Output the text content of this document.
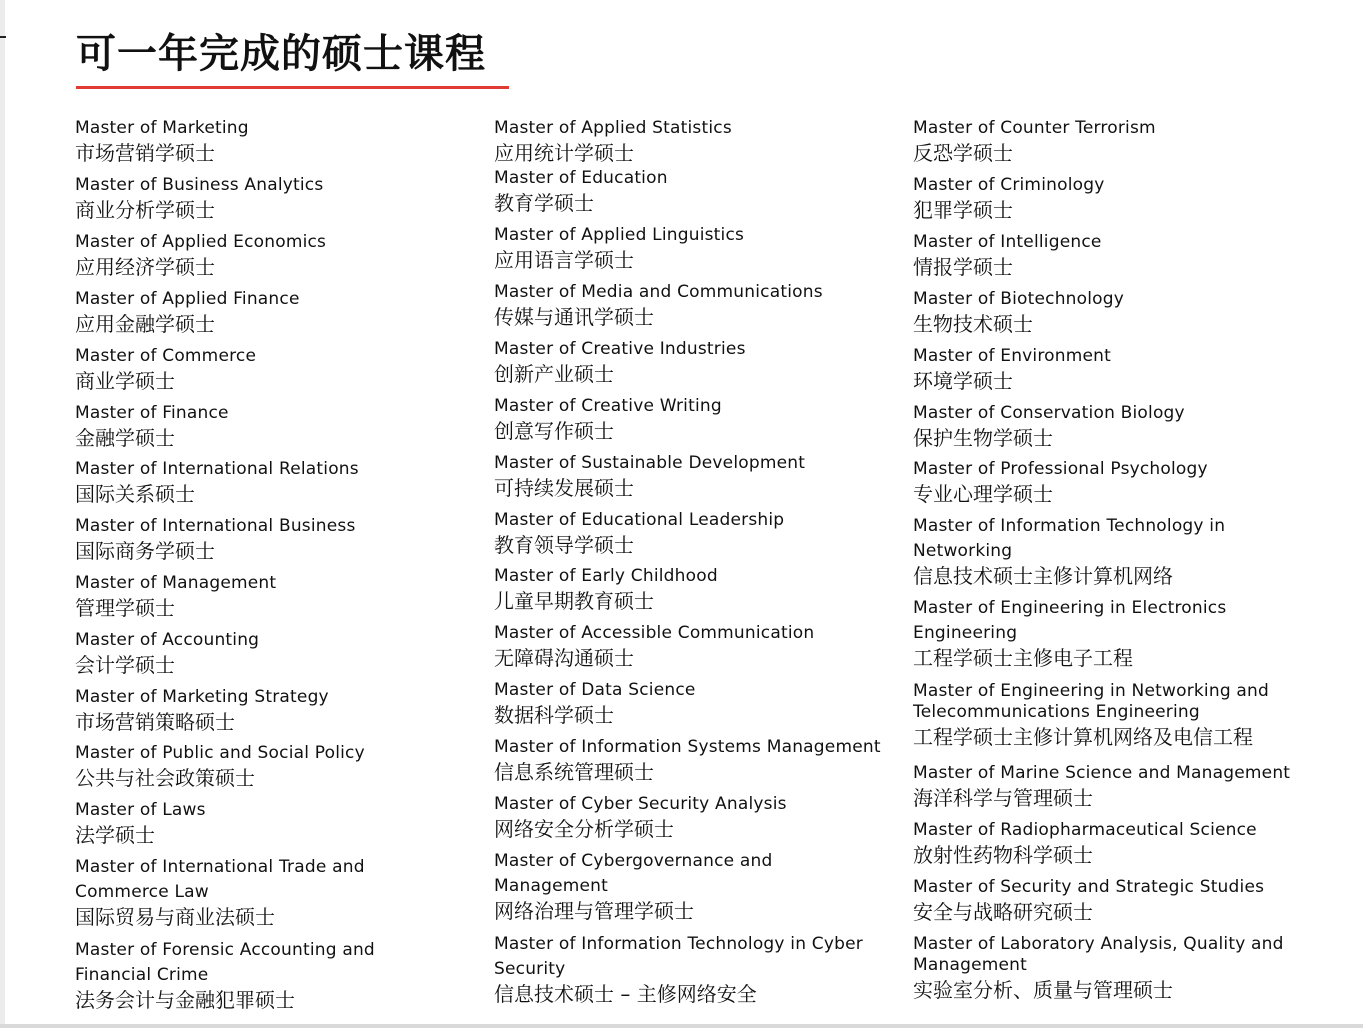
可一年完成的硕士课程
Master of Marketing
市场营销学硕士
Master of Business Analytics
商业分析学硕士
Master of Applied Economics
应用经济学硕士
Master of Applied Finance
应用金融学硕士
Master of Commerce
商业学硕士
Master of Finance
金融学硕士
Master of International Relations
国际关系硕士
Master of International Business
国际商务学硕士
Master of Management
管理学硕士
Master of Accounting
会计学硕士
Master of Marketing Strategy
市场营销策略硕士
Master of Public and Social Policy
公共与社会政策硕士
Master of Laws
法学硕士
Master of International Trade and Commerce Law
国际贸易与商业法硕士
Master of Forensic Accounting and Financial Crime
法务会计与金融犯罪硕士
Master of Applied Statistics
应用统计学硕士
Master of Education
教育学硕士
Master of Applied Linguistics
应用语言学硕士
Master of Media and Communications
传媒与通讯学硕士
Master of Creative Industries
创新产业硕士
Master of Creative Writing
创意写作硕士
Master of Sustainable Development
可持续发展硕士
Master of Educational Leadership
教育领导学硕士
Master of Early Childhood
儿童早期教育硕士
Master of Accessible Communication
无障碍沟通硕士
Master of Data Science
数据科学硕士
Master of Information Systems Management
信息系统管理硕士
Master of Cyber Security Analysis
网络安全分析学硕士
Master of Cybergovernance and Management
网络治理与管理学硕士
Master of Information Technology in Cyber Security
信息技术硕士 – 主修网络安全
Master of Counter Terrorism
反恐学硕士
Master of Criminology
犯罪学硕士
Master of Intelligence
情报学硕士
Master of Biotechnology
生物技术硕士
Master of Environment
环境学硕士
Master of Conservation Biology
保护生物学硕士
Master of Professional Psychology
专业心理学硕士
Master of Information Technology in Networking
信息技术硕士主修计算机网络
Master of Engineering in Electronics Engineering
工程学硕士主修电子工程
Master of Engineering in Networking and Telecommunications Engineering
工程学硕士主修计算机网络及电信工程
Master of Marine Science and Management
海洋科学与管理硕士
Master of Radiopharmaceutical Science
放射性药物科学硕士
Master of Security and Strategic Studies
安全与战略研究硕士
Master of Laboratory Analysis, Quality and Management
实验室分析、质量与管理硕士
